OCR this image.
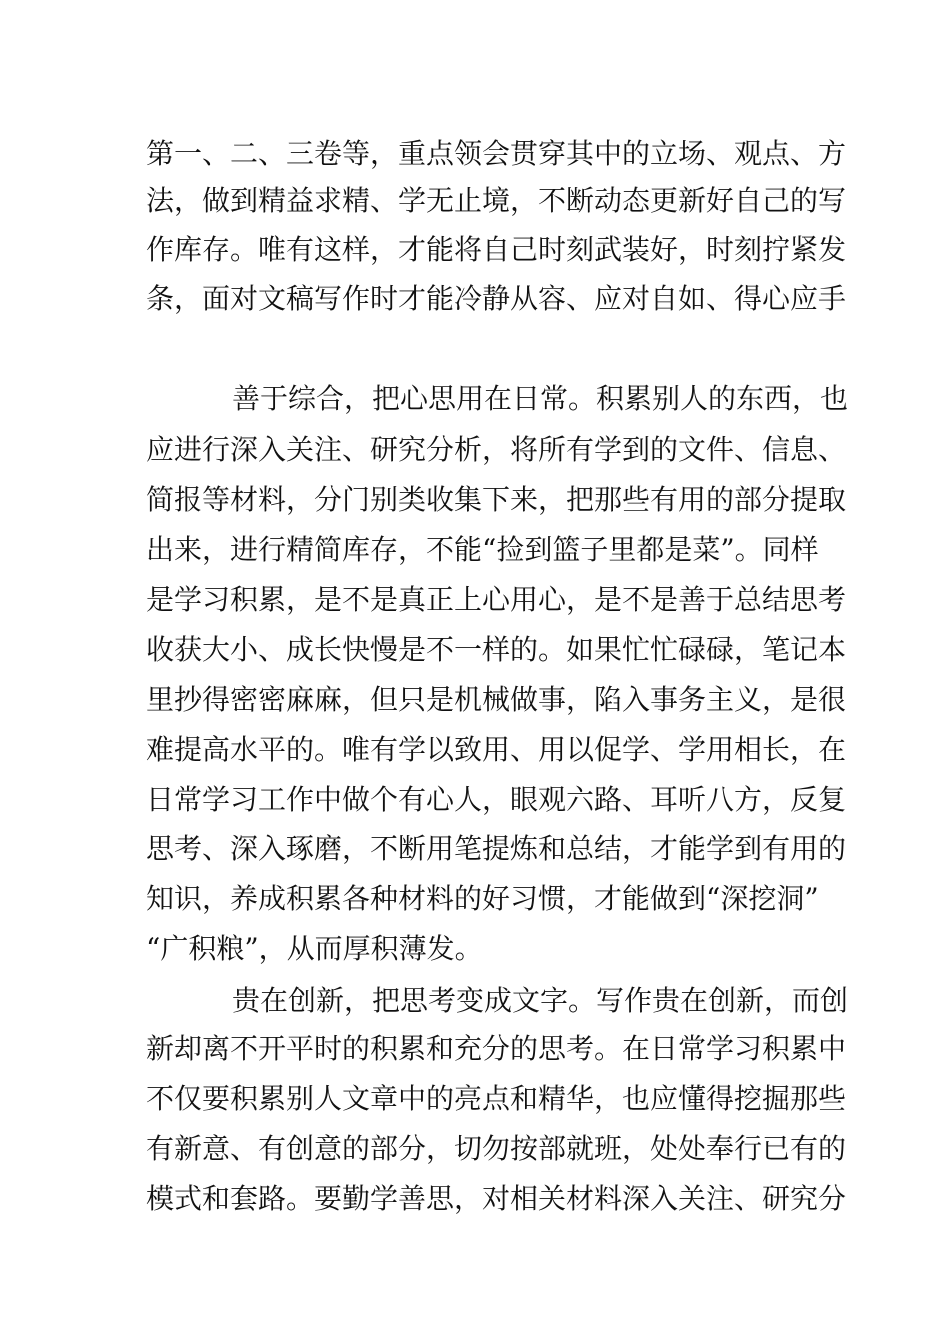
第一、二、三卷等，重点领会贯穿其中的立场、观点、方
法，做到精益求精、学无止境，不断动态更新好自己的写
作库存。唯有这样，才能将自己时刻武装好，时刻拧紧发
条，面对文稿写作时才能冷静从容、应对自如、得心应手
善于综合，把心思用在日常。积累别人的东西，也
应进行深入关注、研究分析，将所有学到的文件、信息、
简报等材料，分门别类收集下来，把那些有用的部分提取
出来，进行精简库存，不能“捡到篮子里都是菜”。同样
是学习积累，是不是真正上心用心，是不是善于总结思考
收获大小、成长快慢是不一样的。如果忙忙碌碌，笔记本
里抄得密密麻麻，但只是机械做事，陷入事务主义，是很
难提高水平的。唯有学以致用、用以促学、学用相长，在
日常学习工作中做个有心人，眼观六路、耳听八方，反复
思考、深入琢磨，不断用笔提炼和总结，才能学到有用的
知识，养成积累各种材料的好习惯，才能做到“深挖洞”
“广积粮”，从而厚积薄发。
贵在创新，把思考变成文字。写作贵在创新，而创
新却离不开平时的积累和充分的思考。在日常学习积累中
不仅要积累别人文章中的亮点和精华，也应懂得挖掘那些
有新意、有创意的部分，切勿按部就班，处处奉行已有的
模式和套路。要勤学善思，对相关材料深入关注、研究分
